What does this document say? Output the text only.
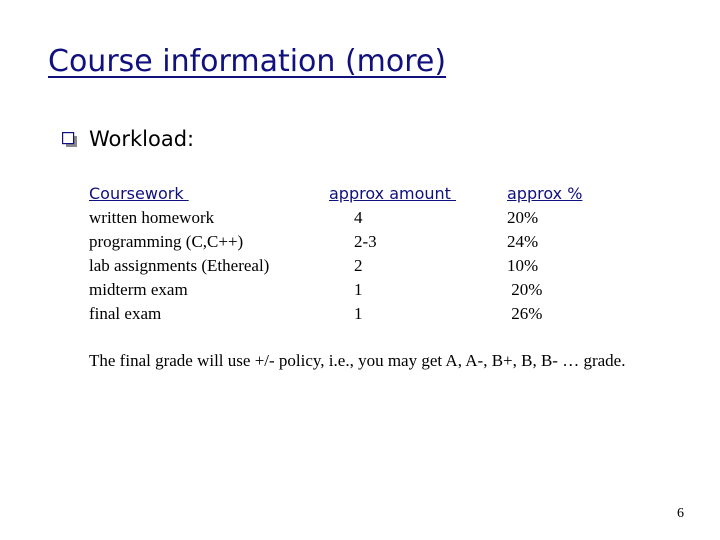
Course information (more)
Workload:
Coursework
written homework
programming (C,C++)
lab assignments (Ethereal)
midterm exam
final exam
approx amount
4
2-3
2
1
1
approx %
20%
24%
10%
20%
26%

The final grade will use +/- policy, i.e., you may get A, A-, B+, B, B- … grade.

6
